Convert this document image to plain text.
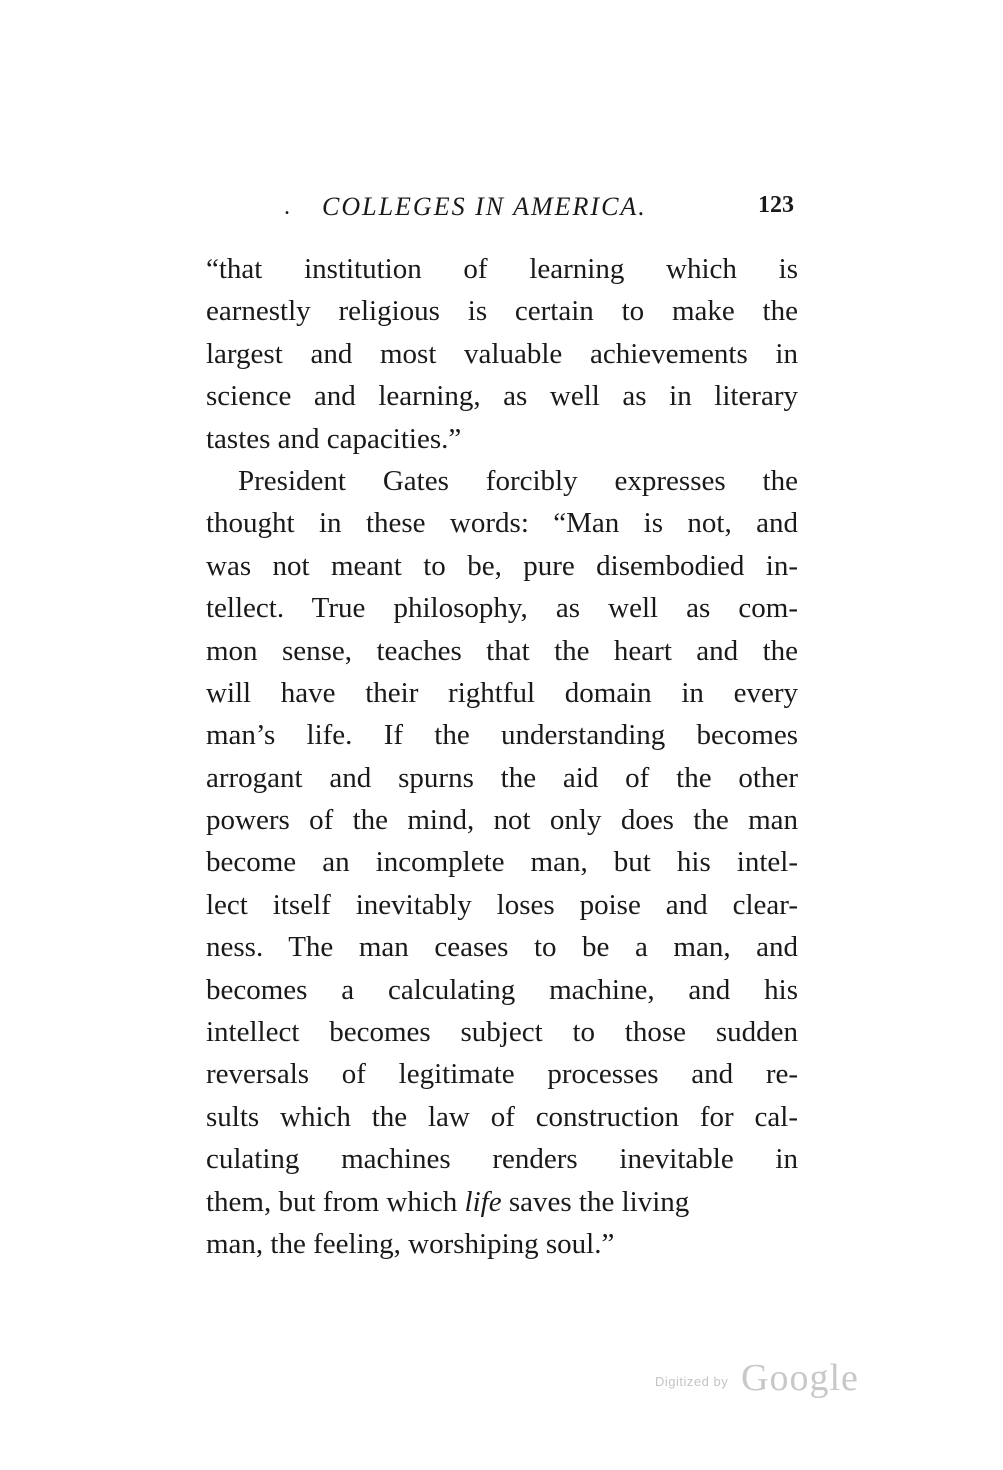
. COLLEGES IN AMERICA.	123
“that institution of learning which is
earnestly religious is certain to make the
largest and most valuable achievements in
science and learning, as well as in literary
tastes and capacities.”
President Gates forcibly expresses the
thought in these words: “Man is not, and
was not meant to be, pure disembodied in-
tellect. True philosophy, as well as com-
mon sense, teaches that the heart and the
will have their rightful domain in every
man’s life. If the understanding becomes
arrogant and spurns the aid of the other
powers of the mind, not only does the man
become an incomplete man, but his intel-
lect itself inevitably loses poise and clear-
ness. The man ceases to be a man, and
becomes a calculating machine, and his
intellect becomes subject to those sudden
reversals of legitimate processes and re-
sults which the law of construction for cal-
culating machines renders inevitable in
them, but from which life saves the living
man, the feeling, worshiping soul.”
Digitized by Google
